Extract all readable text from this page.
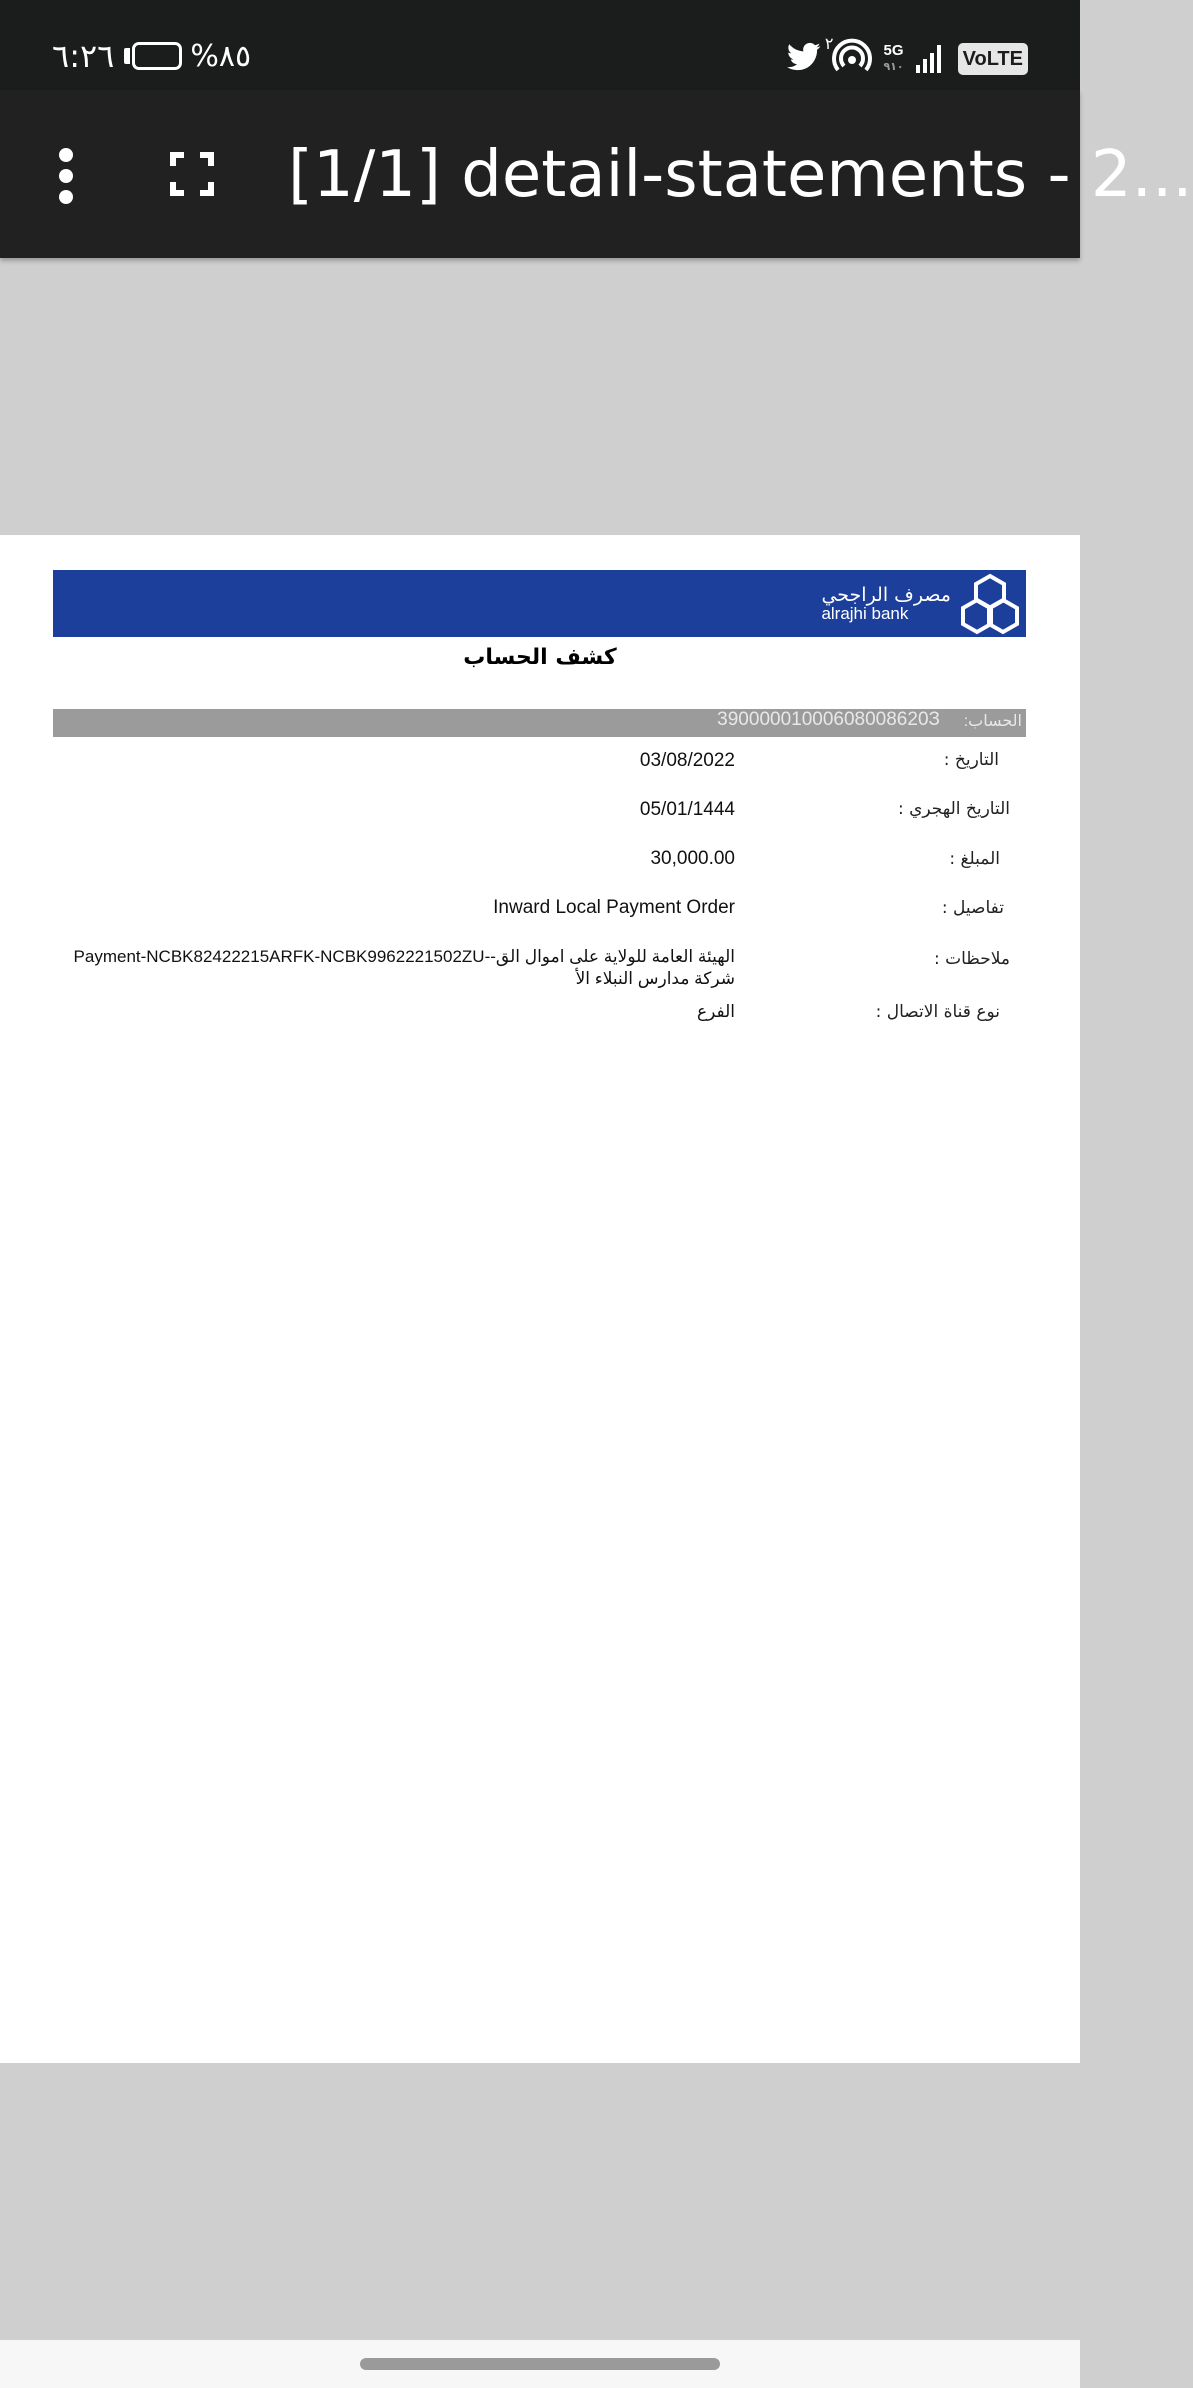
٦:٢٦	%٨٥	٢	5G
٩١٠	VoLTE
[1/1] detail-statements - 2...
مصرف الراجحي
alrajhi bank
كشف الحساب
الحساب:
39000001000608008620З
التاريخ :
03/08/2022
التاريخ الهجري :
05/01/1444
المبلغ :
30,000.00
تفاصيل :
Inward Local Payment Order
ملاحظات :
Payment-NCBK82422215ARFK-NCBK9962221502ZU--الهيئة العامة للولاية على اموال الق
شركة مدارس النبلاء الأ
نوع قناة الاتصال :
الفرع
